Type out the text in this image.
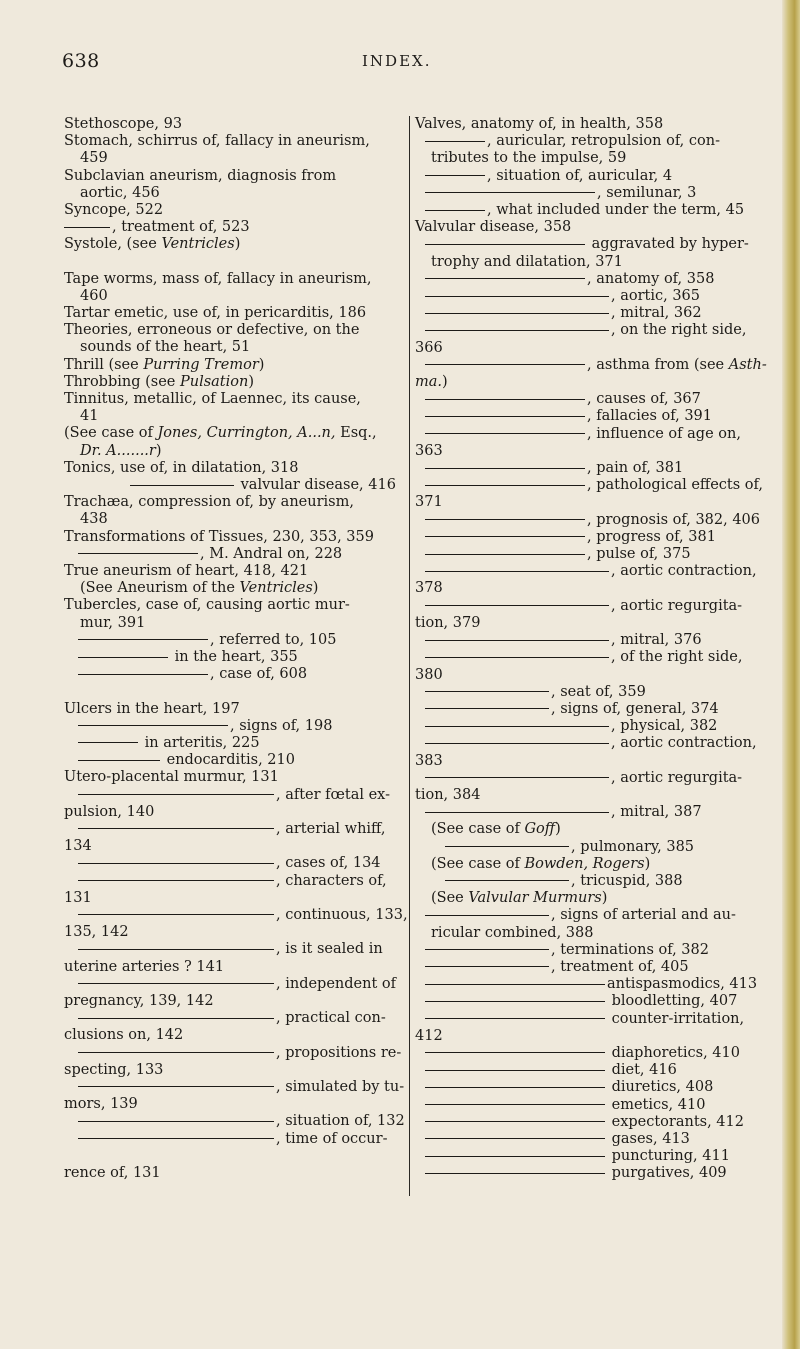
638	INDEX.
Stethoscope, 93
Stomach, schirrus of, fallacy in aneurism,
459
Subclavian aneurism, diagnosis from
aortic, 456
Syncope, 522
, treatment of, 523
Systole, (see Ventricles)
Tape worms, mass of, fallacy in aneurism,
460
Tartar emetic, use of, in pericarditis, 186
Theories, erroneous or defective, on the
sounds of the heart, 51
Thrill (see Purring Tremor)
Throbbing (see Pulsation)
Tinnitus, metallic, of Laennec, its cause,
41
(See case of Jones, Currington, A...n, Esq.,
Dr. A.......r)
Tonics, use of, in dilatation, 318
valvular disease, 416
Trachæa, compression of, by aneurism,
438
Transformations of Tissues, 230, 353, 359
, M. Andral on, 228
True aneurism of heart, 418, 421
(See Aneurism of the Ventricles)
Tubercles, case of, causing aortic mur-
mur, 391
, referred to, 105
in the heart, 355
, case of, 608
Ulcers in the heart, 197
, signs of, 198
in arteritis, 225
endocarditis, 210
Utero-placental murmur, 131
, after fœtal ex-
pulsion, 140
, arterial whiff,
134
, cases of, 134
, characters of,
131
, continuous, 133,
135, 142
, is it sealed in
uterine arteries ? 141
, independent of
pregnancy, 139, 142
, practical con-
clusions on, 142
, propositions re-
specting, 133
, simulated by tu-
mors, 139
, situation of, 132
, time of occur-
rence of, 131
Valves, anatomy of, in health, 358
, auricular, retropulsion of, con-
tributes to the impulse, 59
, situation of, auricular, 4
, semilunar, 3
, what included under the term, 45
Valvular disease, 358
aggravated by hyper-
trophy and dilatation, 371
, anatomy of, 358
, aortic, 365
, mitral, 362
, on the right side,
366
, asthma from (see Asth-
ma.)
, causes of, 367
, fallacies of, 391
, influence of age on,
363
, pain of, 381
, pathological effects of,
371
, prognosis of, 382, 406
, progress of, 381
, pulse of, 375
, aortic contraction,
378
, aortic regurgita-
tion, 379
, mitral, 376
, of the right side,
380
, seat of, 359
, signs of, general, 374
, physical, 382
, aortic contraction,
383
, aortic regurgita-
tion, 384
, mitral, 387
(See case of Goff)
, pulmonary, 385
(See case of Bowden, Rogers)
, tricuspid, 388
(See Valvular Murmurs)
, signs of arterial and au-
ricular combined, 388
, terminations of, 382
, treatment of, 405
antispasmodics, 413
bloodletting, 407
counter-irritation,
412
diaphoretics, 410
diet, 416
diuretics, 408
emetics, 410
expectorants, 412
gases, 413
puncturing, 411
purgatives, 409
